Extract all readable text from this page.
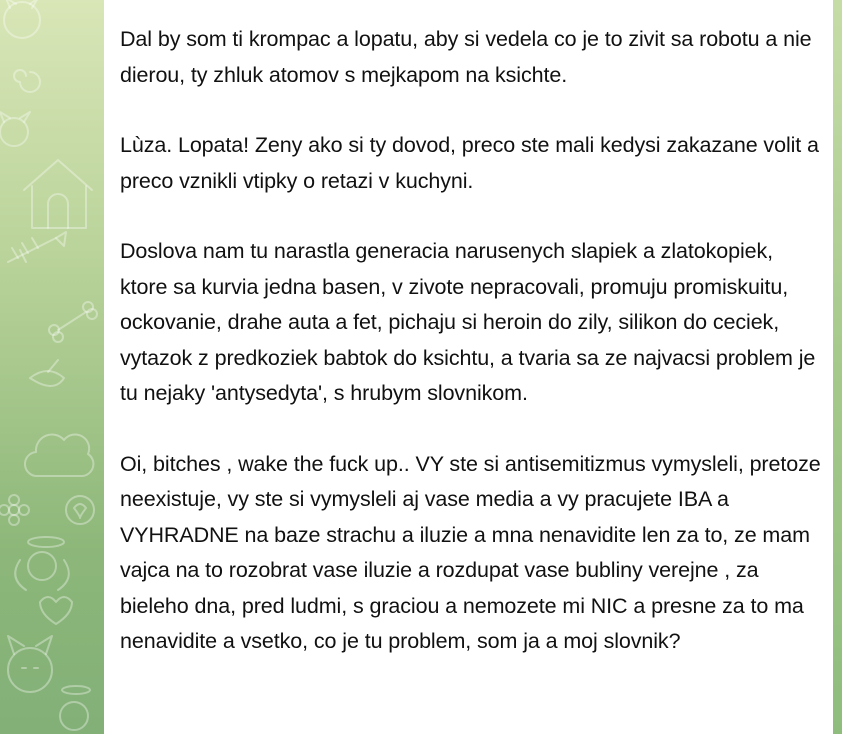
Dal by som ti krompac a lopatu, aby si vedela co je to zivit sa robotu a nie dierou, ty zhluk atomov s mejkapom na ksichte.

Lùza. Lopata! Zeny ako si ty dovod, preco ste mali kedysi zakazane volit a preco vznikli vtipky o retazi v kuchyni.

Doslova nam tu narastla generacia narusenych slapiek a zlatokopiek, ktore sa kurvia jedna basen, v zivote nepracovali, promuju promiskuitu, ockovanie, drahe auta a fet, pichaju si heroin do zily, silikon do ceciek, vytazok z predkoziek babtok do ksichtu, a tvaria sa ze najvacsi problem je tu nejaky 'antysedyta', s hrubym slovnikom.

Oi, bitches , wake the fuck up.. VY ste si antisemitizmus vymysleli, pretoze neexistuje, vy ste si vymysleli aj vase media a vy pracujete IBA a VYHRADNE na baze strachu a iluzie a mna nenavidite len za to, ze mam vajca na to rozobrat vase iluzie a rozdupat vase bubliny verejne , za bieleho dna, pred ludmi, s graciou a nemozete mi NIC a presne za to ma nenavidite a vsetko, co je tu problem, som ja a moj slovnik?
